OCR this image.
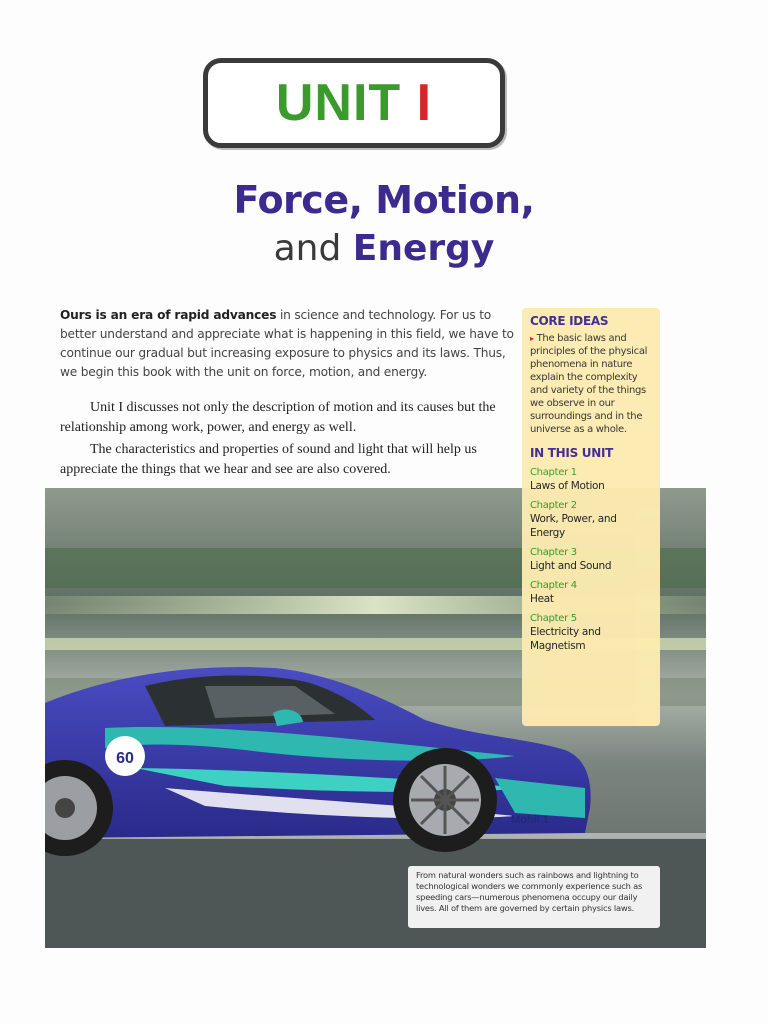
UNIT I
Force, Motion,
and Energy
Ours is an era of rapid advances in science and technology. For us to better understand and appreciate what is happening in this field, we have to continue our gradual but increasing exposure to physics and its laws. Thus, we begin this book with the unit on force, motion, and energy.
Unit I discusses not only the description of motion and its causes but the relationship among work, power, and energy as well.
The characteristics and properties of sound and light that will help us appreciate the things that we hear and see are also covered.
60
Mobil 1
CORE IDEAS
▸ The basic laws and principles of the physical phenomena in nature explain the complexity and variety of the things we observe in our surroundings and in the universe as a whole.
IN THIS UNIT
Chapter 1
Laws of Motion
Chapter 2
Work, Power, and Energy
Chapter 3
Light and Sound
Chapter 4
Heat
Chapter 5
Electricity and Magnetism
From natural wonders such as rainbows and lightning to technological wonders we commonly experience such as speeding cars—numerous phenomena occupy our daily lives. All of them are governed by certain physics laws.
